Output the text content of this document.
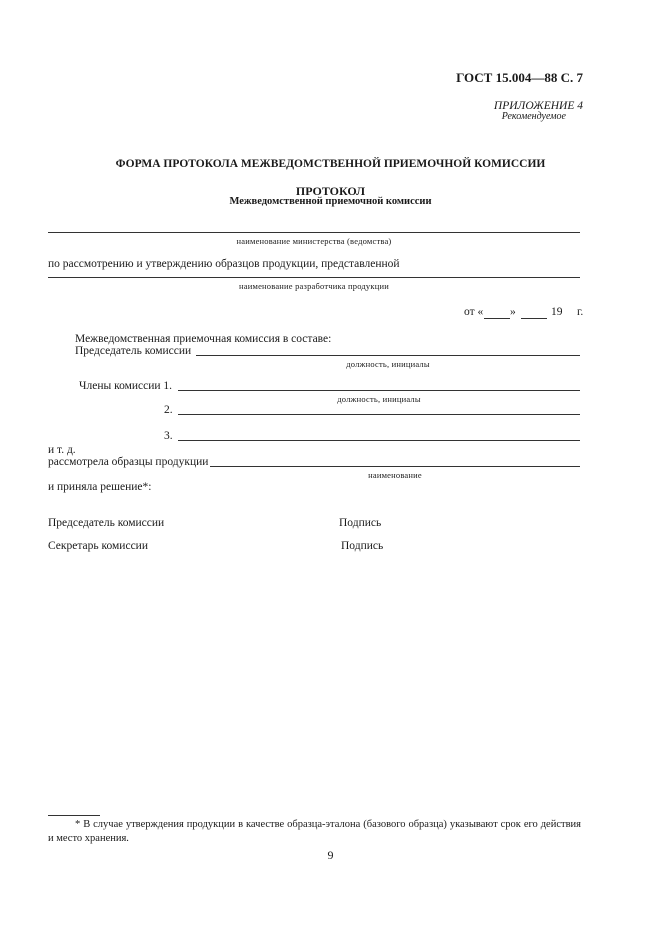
ГОСТ 15.004—88 С. 7
ПРИЛОЖЕНИЕ 4
Рекомендуемое
ФОРМА ПРОТОКОЛА МЕЖВЕДОМСТВЕННОЙ ПРИЕМОЧНОЙ КОМИССИИ
ПРОТОКОЛ
Межведомственной приемочной комиссии
наименование министерства (ведомства)
по рассмотрению и утверждению образцов продукции, представленной
наименование разработчика продукции
от « »	19 г.
Межведомственная приемочная комиссия в составе:
Председатель комиссии
должность, инициалы
Члены комиссии 1.
должность, инициалы
2.
3.
и т. д.
рассмотрела образцы продукции
наименование
и приняла решение*:
Председатель комиссии	Подпись
Секретарь комиссии	Подпись
* В случае утверждения продукции в качестве образца-эталона (базового образца) указывают срок его действия и место хранения.
9
